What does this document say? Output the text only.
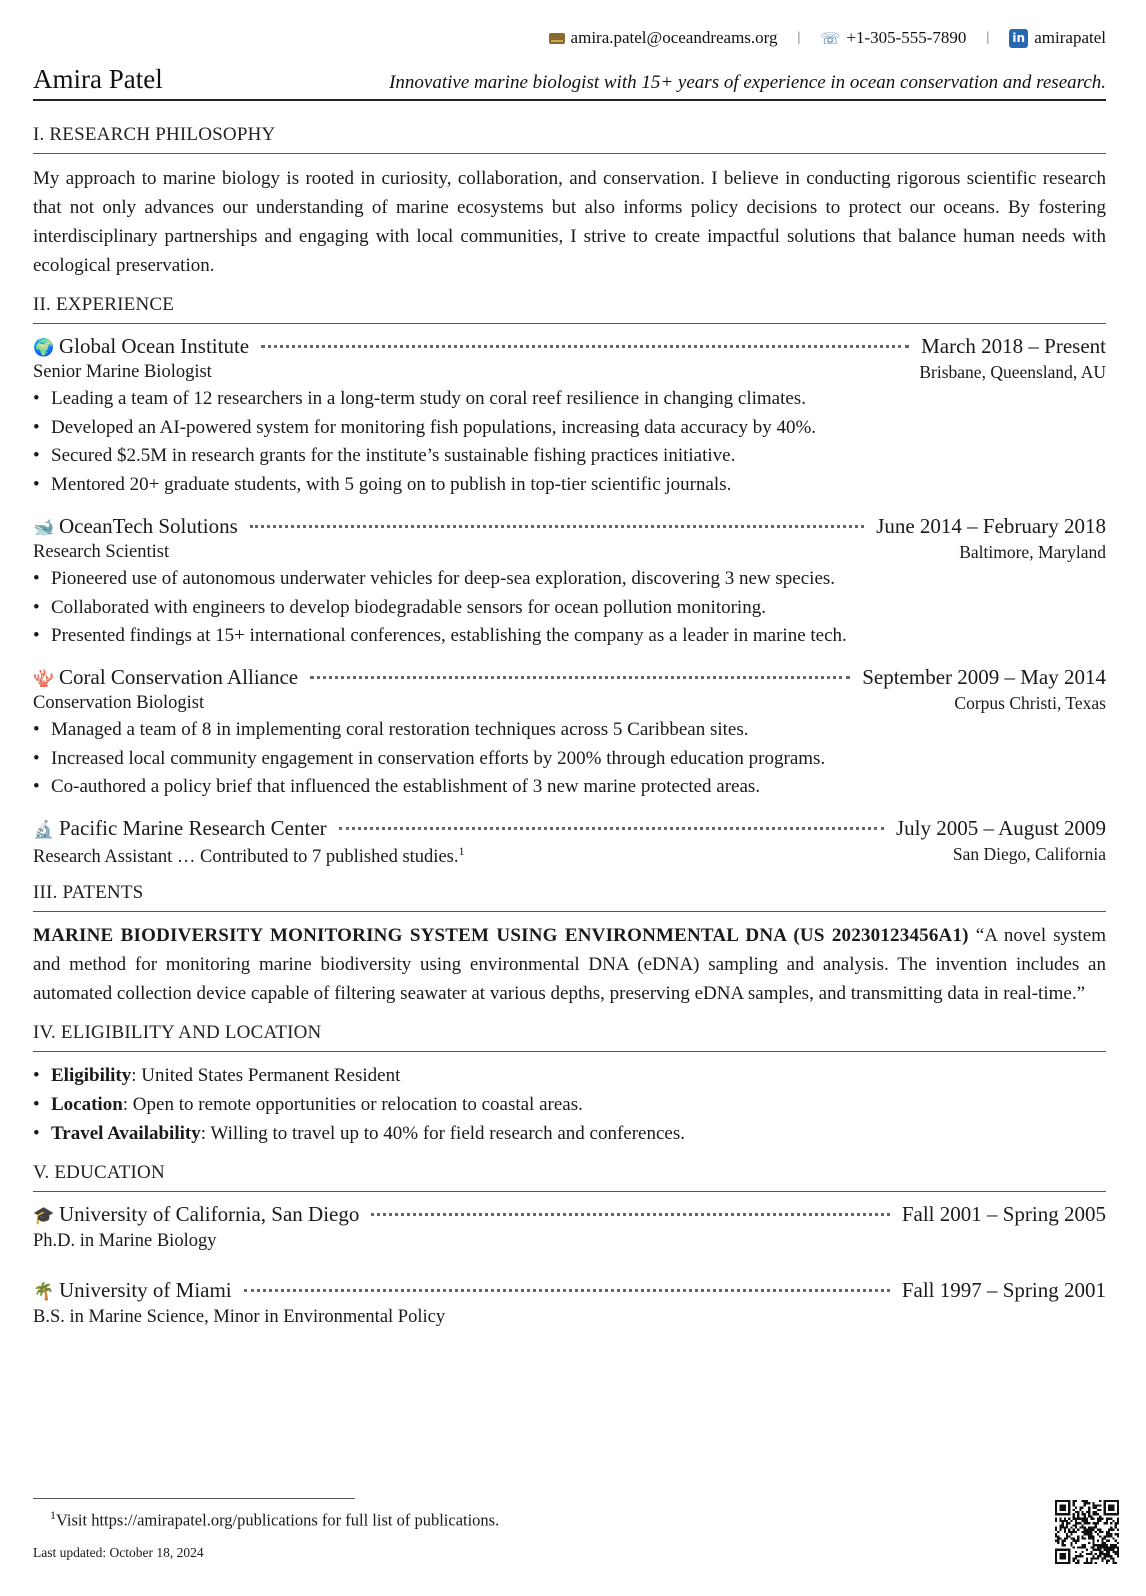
amira.patel@oceandreams.org | ☏ +1-305-555-7890 | in amirapatel
Amira Patel	Innovative marine biologist with 15+ years of experience in ocean conservation and research.
I. RESEARCH PHILOSOPHY

My approach to marine biology is rooted in curiosity, collaboration, and conservation. I believe in conducting rigorous scientific research that not only advances our understanding of marine ecosystems but also informs policy decisions to protect our oceans. By fostering interdisciplinary partnerships and engaging with local communities, I strive to create impactful solutions that balance human needs with ecological preservation.

II. EXPERIENCE
🌍 Global Ocean Institute	March 2018 – Present
Senior Marine Biologist	Brisbane, Queensland, AU
• Leading a team of 12 researchers in a long-term study on coral reef resilience in changing climates.
• Developed an AI-powered system for monitoring fish populations, increasing data accuracy by 40%.
• Secured $2.5M in research grants for the institute’s sustainable fishing practices initiative.
• Mentored 20+ graduate students, with 5 going on to publish in top-tier scientific journals.
🐋 OceanTech Solutions	June 2014 – February 2018
Research Scientist	Baltimore, Maryland
• Pioneered use of autonomous underwater vehicles for deep-sea exploration, discovering 3 new species.
• Collaborated with engineers to develop biodegradable sensors for ocean pollution monitoring.
• Presented findings at 15+ international conferences, establishing the company as a leader in marine tech.
🪸 Coral Conservation Alliance	September 2009 – May 2014
Conservation Biologist	Corpus Christi, Texas
• Managed a team of 8 in implementing coral restoration techniques across 5 Caribbean sites.
• Increased local community engagement in conservation efforts by 200% through education programs.
• Co-authored a policy brief that influenced the establishment of 3 new marine protected areas.
🔬 Pacific Marine Research Center	July 2005 – August 2009
Research Assistant … Contributed to 7 published studies.$^1$	San Diego, California
III. PATENTS

MARINE BIODIVERSITY MONITORING SYSTEM USING ENVIRONMENTAL DNA (US 20230123456A1) “A novel system and method for monitoring marine biodiversity using environmental DNA (eDNA) sampling and analysis. The invention includes an automated collection device capable of filtering seawater at various depths, preserving eDNA samples, and transmitting data in real-time.”

IV. ELIGIBILITY AND LOCATION
• Eligibility: United States Permanent Resident
• Location: Open to remote opportunities or relocation to coastal areas.
• Travel Availability: Willing to travel up to 40% for field research and conferences.
V. EDUCATION
🎓 University of California, San Diego	Fall 2001 – Spring 2005
Ph.D. in Marine Biology
🌴 University of Miami	Fall 1997 – Spring 2001
B.S. in Marine Science, Minor in Environmental Policy
$^1$Visit https://amirapatel.org/publications for full list of publications.
Last updated: October 18, 2024
